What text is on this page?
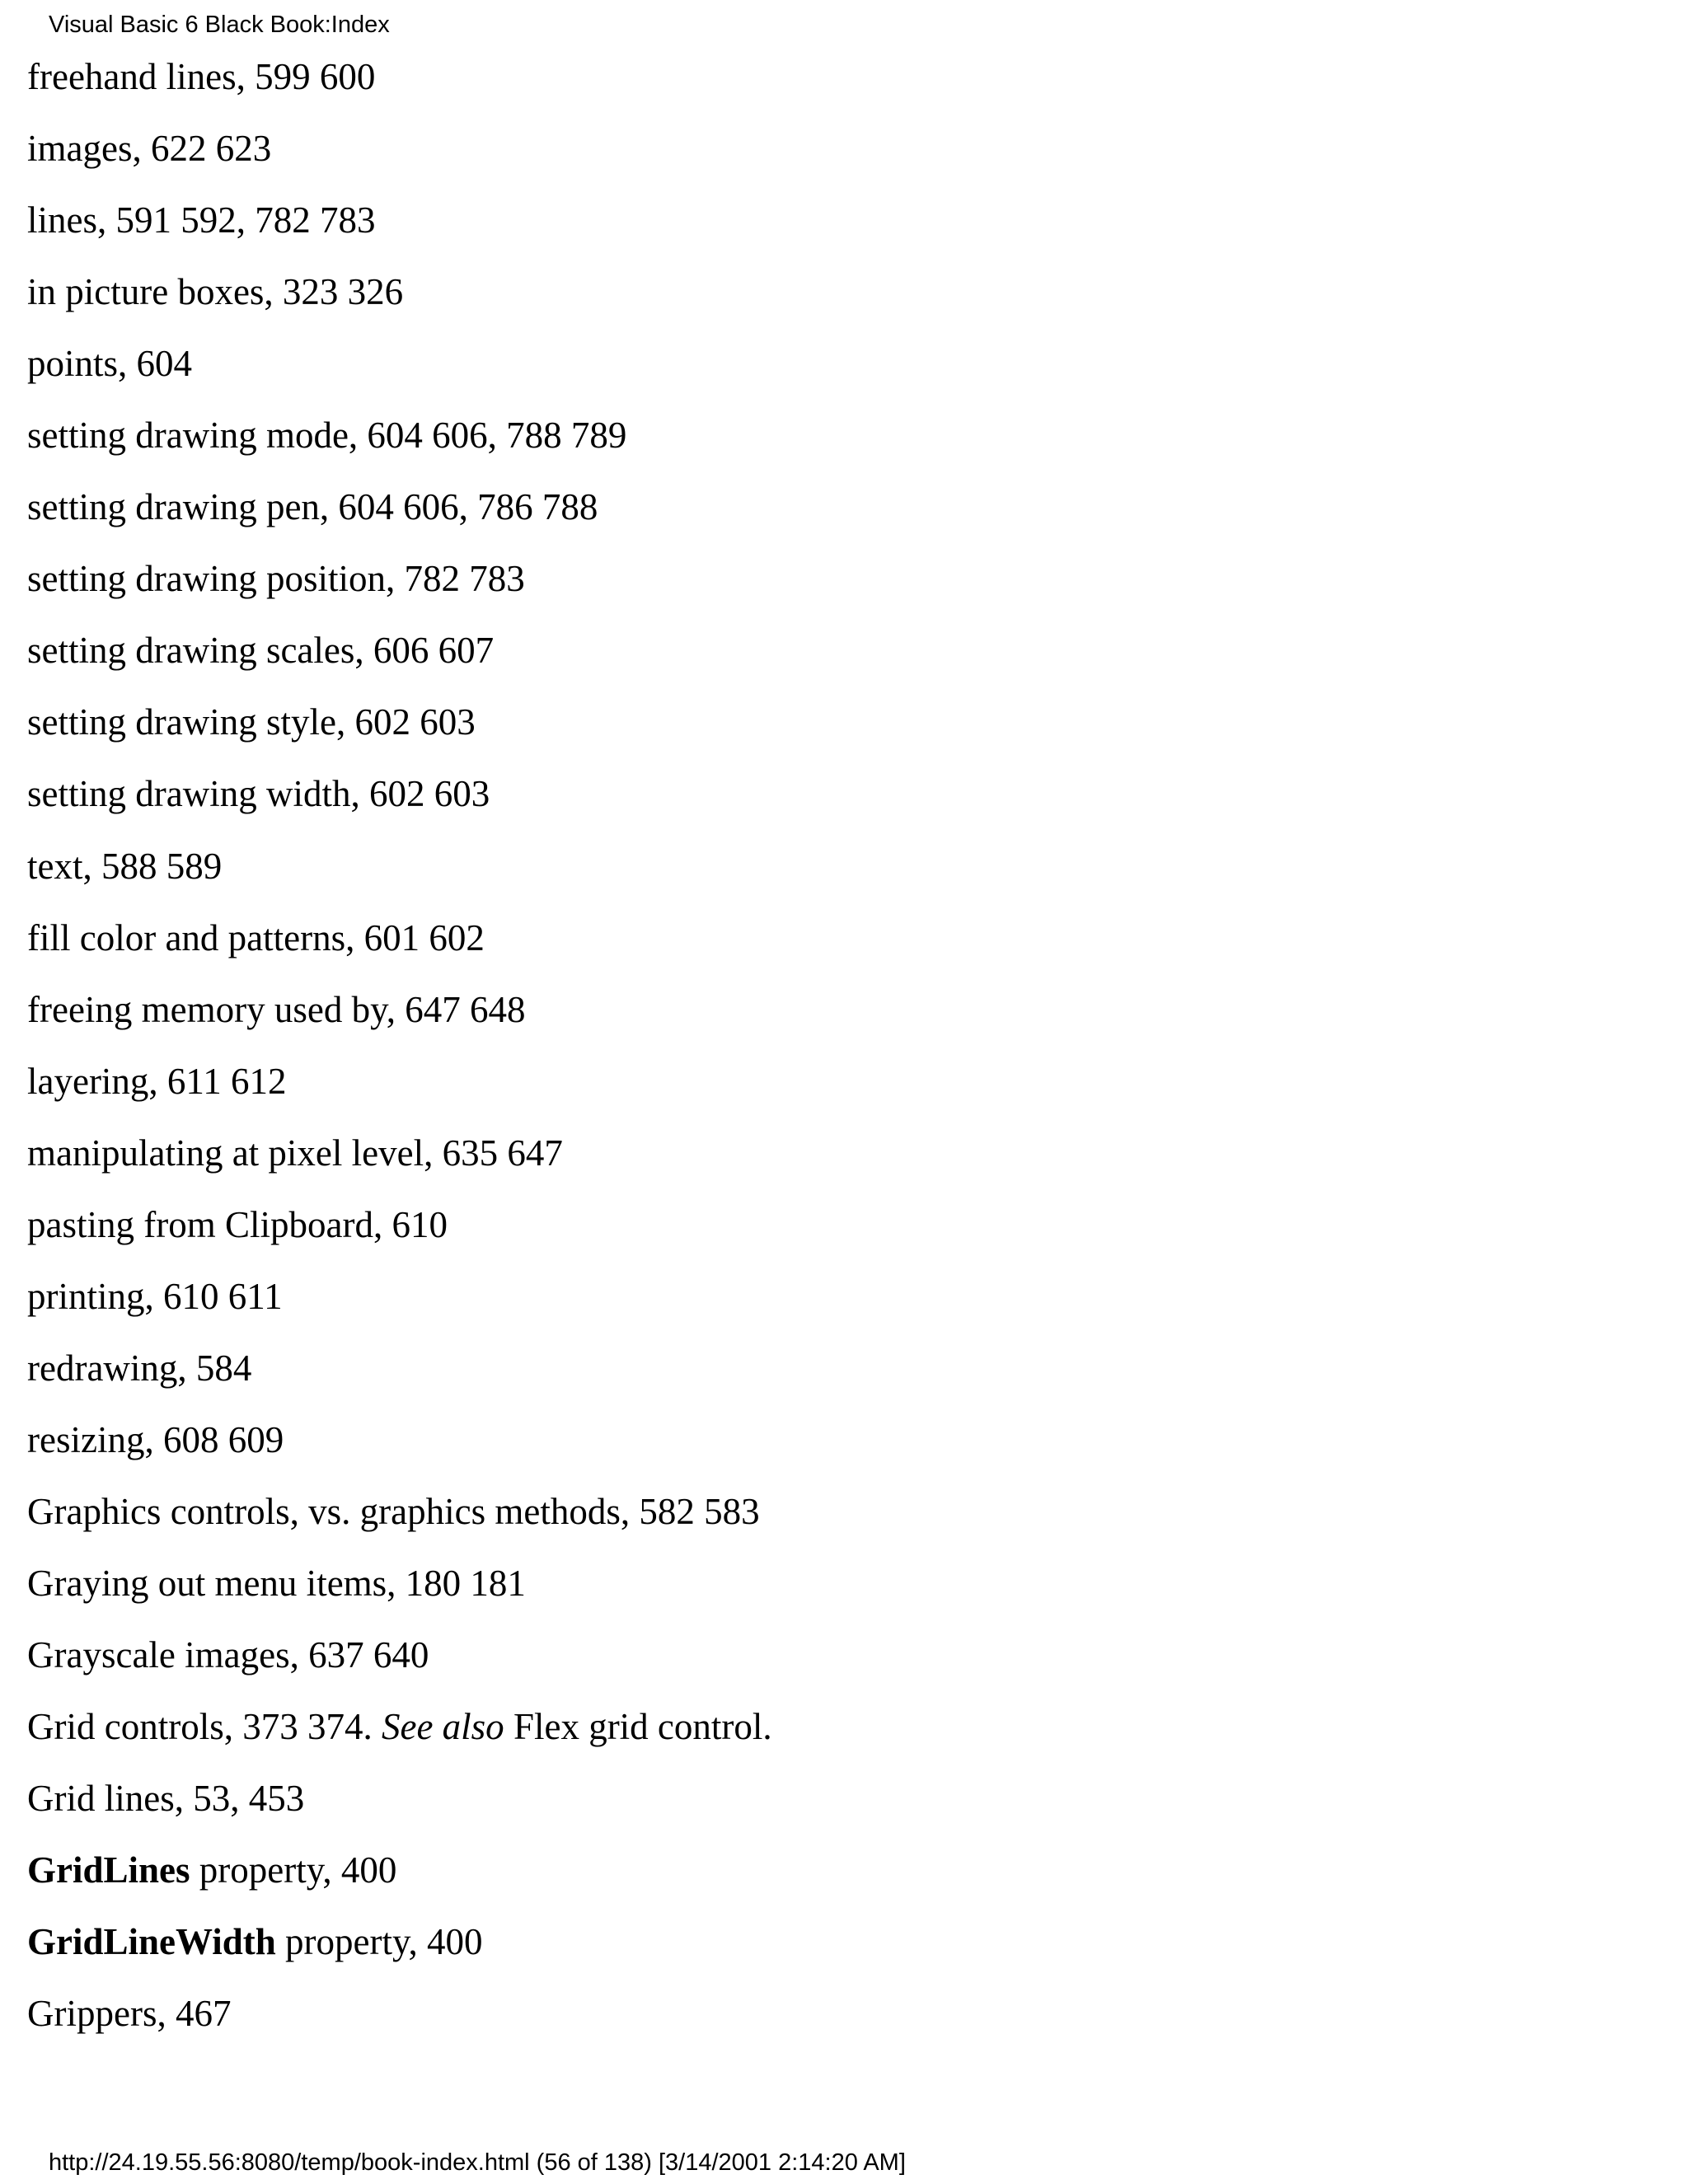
Visual Basic 6 Black Book:Index
freehand lines, 599 600
images, 622 623
lines, 591 592, 782 783
in picture boxes, 323 326
points, 604
setting drawing mode, 604 606, 788 789
setting drawing pen, 604 606, 786 788
setting drawing position, 782 783
setting drawing scales, 606 607
setting drawing style, 602 603
setting drawing width, 602 603
text, 588 589
fill color and patterns, 601 602
freeing memory used by, 647 648
layering, 611 612
manipulating at pixel level, 635 647
pasting from Clipboard, 610
printing, 610 611
redrawing, 584
resizing, 608 609
Graphics controls, vs. graphics methods, 582 583
Graying out menu items, 180 181
Grayscale images, 637 640
Grid controls, 373 374. See also Flex grid control.
Grid lines, 53, 453
GridLines property, 400
GridLineWidth property, 400
Grippers, 467
http://24.19.55.56:8080/temp/book-index.html (56 of 138) [3/14/2001 2:14:20 AM]
